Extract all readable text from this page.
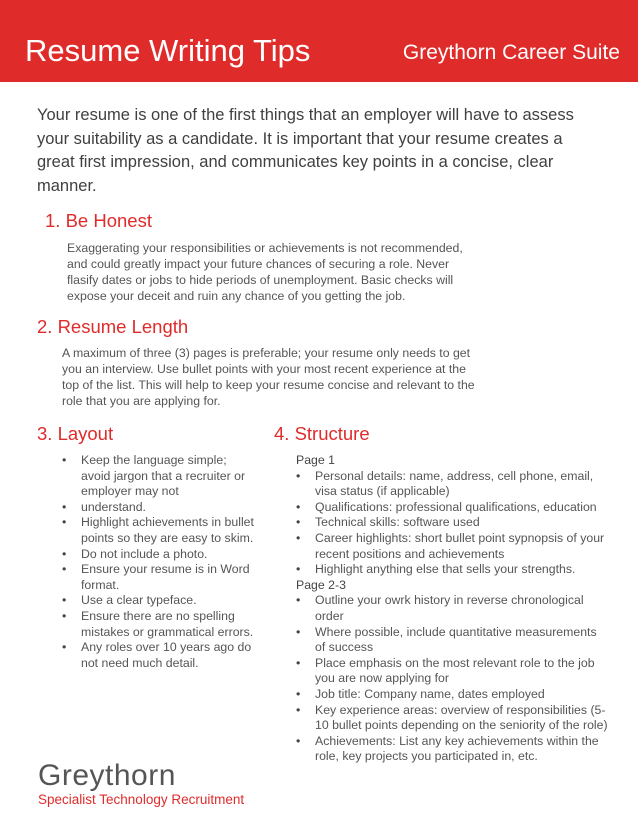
Resume Writing Tips	Greythorn Career Suite
Your resume is one of the first things that an employer will have to assess your suitability as a candidate. It is important that your resume creates a great first impression, and communicates key points in a concise, clear manner.
1. Be Honest
Exaggerating your responsibilities or achievements is not recommended, and could greatly impact your future chances of securing a role. Never flasify dates or jobs to hide periods of unemployment. Basic checks will expose your deceit and ruin any chance of you getting the job.
2. Resume Length
A maximum of three (3) pages is preferable; your resume only needs to get you an interview. Use bullet points with your most recent experience at the top of the list. This will help to keep your resume concise and relevant to the role that you are applying for.
3. Layout
• Keep the language simple; avoid jargon that a recruiter or employer may not
• understand.
• Highlight achievements in bullet points so they are easy to skim.
• Do not include a photo.
• Ensure your resume is in Word format.
• Use a clear typeface.
• Ensure there are no spelling mistakes or grammatical errors.
• Any roles over 10 years ago do not need much detail.
4. Structure
Page 1
• Personal details: name, address, cell phone, email, visa status (if applicable)
• Qualifications: professional qualifications, education
• Technical skills: software used
• Career highlights: short bullet point sypnopsis of your recent positions and achievements
• Highlight anything else that sells your strengths.
Page 2-3
• Outline your owrk history in reverse chronological order
• Where possible, include quantitative measurements of success
• Place emphasis on the most relevant role to the job you are now applying for
• Job title: Company name, dates employed
• Key experience areas: overview of responsibilities (5-10 bullet points depending on the seniority of the role)
• Achievements: List any key achievements within the role, key projects you participated in, etc.
Greythorn
Specialist Technology Recruitment
